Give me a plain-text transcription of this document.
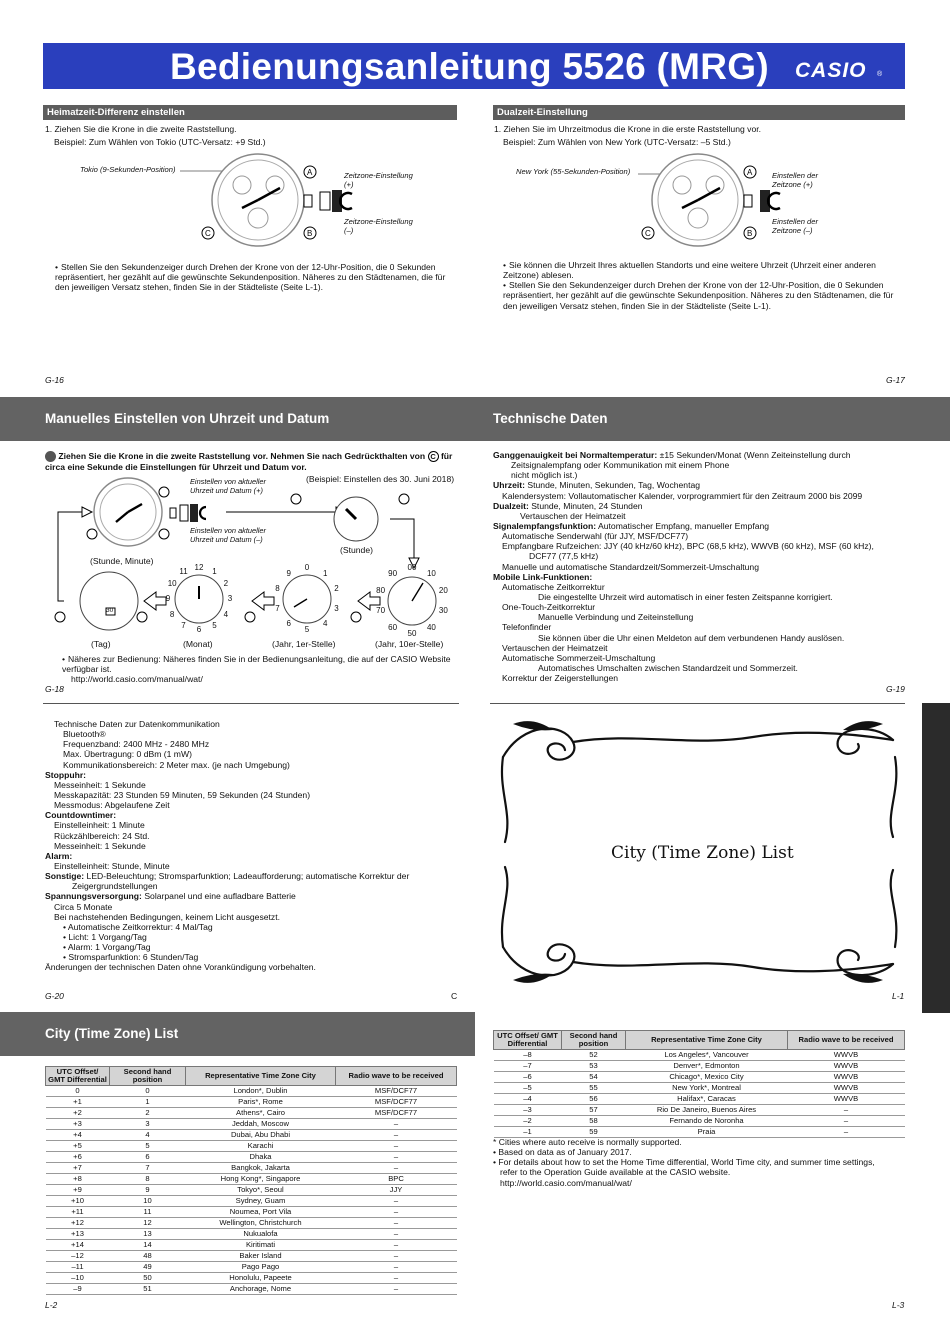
Bedienungsanleitung 5526 (MRG) CASIO ®
Heimatzeit-Differenz einstellen

1. Ziehen Sie die Krone in die zweite Raststellung.

Beispiel: Zum Wählen von Tokio (UTC-Versatz: +9 Std.)

Tokio (9-Sekunden-Position)	A
B
C
Zeitzone-Einstellung (+)
Zeitzone-Einstellung (–)

• Stellen Sie den Sekundenzeiger durch Drehen der Krone von der 12-Uhr-Position, die 0 Sekunden repräsentiert, her gezählt auf die gewünschte Sekundenposition. Näheres zu den Städtenamen, die für den jeweiligen Versatz stehen, finden Sie in der Städteliste (Seite L-1).

G-16
Dualzeit-Einstellung

1. Ziehen Sie im Uhrzeitmodus die Krone in die erste Raststellung vor.

Beispiel: Zum Wählen von New York (UTC-Versatz: –5 Std.)

New York (55-Sekunden-Position)	A
B
C
Einstellen der Zeitzone (+)
Einstellen der Zeitzone (–)

• Sie können die Uhrzeit Ihres aktuellen Standorts und eine weitere Uhrzeit (Uhrzeit einer anderen Zeitzone) ablesen.

• Stellen Sie den Sekundenzeiger durch Drehen der Krone von der 12-Uhr-Position, die 0 Sekunden repräsentiert, her gezählt auf die gewünschte Sekundenposition. Näheres zu den Städtenamen, die für den jeweiligen Versatz stehen, finden Sie in der Städteliste (Seite L-1).

G-17
Manuelles Einstellen von Uhrzeit und Datum	Technische Daten
Ziehen Sie die Krone in die zweite Raststellung vor. Nehmen Sie nach Gedrückthalten von C für circa eine Sekunde die Einstellungen für Uhrzeit und Datum vor.
(Beispiel: Einstellen des 30. Juni 2018)
Einstellen von aktueller Uhrzeit und Datum (+)
Einstellen von aktueller Uhrzeit und Datum (–)
(Stunde, Minute)
(Stunde)
(Tag)	(Monat)	(Jahr, 1er-Stelle)	(Jahr, 10er-Stelle)
30
12	1
2
3
4
5
6
7
8
9
10
11	0
1
2
3
4
5
6
7
8
9
00
10
20
30
40
50
60
70
80
90

• Näheres zur Bedienung: Näheres finden Sie in der Bedienungsanleitung, die auf der CASIO Website verfügbar ist.

http://world.casio.com/manual/wat/

G-18

Ganggenauigkeit bei Normaltemperatur: ±15 Sekunden/Monat (Wenn Zeiteinstellung durch

Zeitsignalempfang oder Kommunikation mit einem Phone

nicht möglich ist.)

Uhrzeit: Stunde, Minuten, Sekunden, Tag, Wochentag

Kalendersystem: Vollautomatischer Kalender, vorprogrammiert für den Zeitraum 2000 bis 2099

Dualzeit: Stunde, Minuten, 24 Stunden

Vertauschen der Heimatzeit

Signalempfangsfunktion: Automatischer Empfang, manueller Empfang

Automatische Senderwahl (für JJY, MSF/DCF77)

Empfangbare Rufzeichen: JJY (40 kHz/60 kHz), BPC (68,5 kHz), WWVB (60 kHz), MSF (60 kHz),

DCF77 (77,5 kHz)

Manuelle und automatische Standardzeit/Sommerzeit-Umschaltung

Mobile Link-Funktionen:

Automatische Zeitkorrektur

Die eingestellte Uhrzeit wird automatisch in einer festen Zeitspanne korrigiert.

One-Touch-Zeitkorrektur

Manuelle Verbindung und Zeiteinstellung

Telefonfinder

Sie können über die Uhr einen Meldeton auf dem verbundenen Handy auslösen.

Vertauschen der Heimatzeit

Automatische Sommerzeit-Umschaltung

Automatisches Umschalten zwischen Standardzeit und Sommerzeit.

Korrektur der Zeigerstellungen

G-19

Technische Daten zur Datenkommunikation

Bluetooth®

Frequenzband: 2400 MHz - 2480 MHz

Max. Übertragung: 0 dBm (1 mW)

Kommunikationsbereich: 2 Meter max. (je nach Umgebung)

Stoppuhr:

Messeinheit: 1 Sekunde

Messkapazität: 23 Stunden 59 Minuten, 59 Sekunden (24 Stunden)

Messmodus: Abgelaufene Zeit

Countdowntimer:

Einstelleinheit: 1 Minute

Rückzählbereich: 24 Std.

Messeinheit: 1 Sekunde

Alarm:

Einstelleinheit: Stunde, Minute

Sonstige: LED-Beleuchtung; Stromsparfunktion; Ladeaufforderung; automatische Korrektur der

Zeigergrundstellungen

Spannungsversorgung: Solarpanel und eine aufladbare Batterie

Circa 5 Monate

Bei nachstehenden Bedingungen, keinem Licht ausgesetzt.

• Automatische Zeitkorrektur: 4 Mal/Tag

• Licht: 1 Vorgang/Tag

• Alarm: 1 Vorgang/Tag

• Stromsparfunktion: 6 Stunden/Tag

Änderungen der technischen Daten ohne Vorankündigung vorbehalten.

G-20	C
City (Time Zone) List
L-1
City (Time Zone) List
UTC Offset/ GMT Differential	Second hand position	Representative Time Zone City	Radio wave to be received
0	0	London*, Dublin	MSF/DCF77
+1	1	Paris*, Rome	MSF/DCF77
+2	2	Athens*, Cairo	MSF/DCF77
+3	3	Jeddah, Moscow	–
+4	4	Dubai, Abu Dhabi	–
+5	5	Karachi	–
+6	6	Dhaka	–
+7	7	Bangkok, Jakarta	–
+8	8	Hong Kong*, Singapore	BPC
+9	9	Tokyo*, Seoul	JJY
+10	10	Sydney, Guam	–
+11	11	Noumea, Port Vila	–
+12	12	Wellington, Christchurch	–
+13	13	Nukualofa	–
+14	14	Kiritimati	–
–12	48	Baker Island	–
–11	49	Pago Pago	–
–10	50	Honolulu, Papeete	–
–9	51	Anchorage, Nome	–
L-2
UTC Offset/ GMT Differential	Second hand position	Representative Time Zone City	Radio wave to be received
–8	52	Los Angeles*, Vancouver	WWVB
–7	53	Denver*, Edmonton	WWVB
–6	54	Chicago*, Mexico City	WWVB
–5	55	New York*, Montreal	WWVB
–4	56	Halifax*, Caracas	WWVB
–3	57	Rio De Janeiro, Buenos Aires	–
–2	58	Fernando de Noronha	–
–1	59	Praia	–

* Cities where auto receive is normally supported.

• Based on data as of January 2017.

• For details about how to set the Home Time differential, World Time city, and summer time settings,

refer to the Operation Guide available at the CASIO website.

http://world.casio.com/manual/wat/

L-3
